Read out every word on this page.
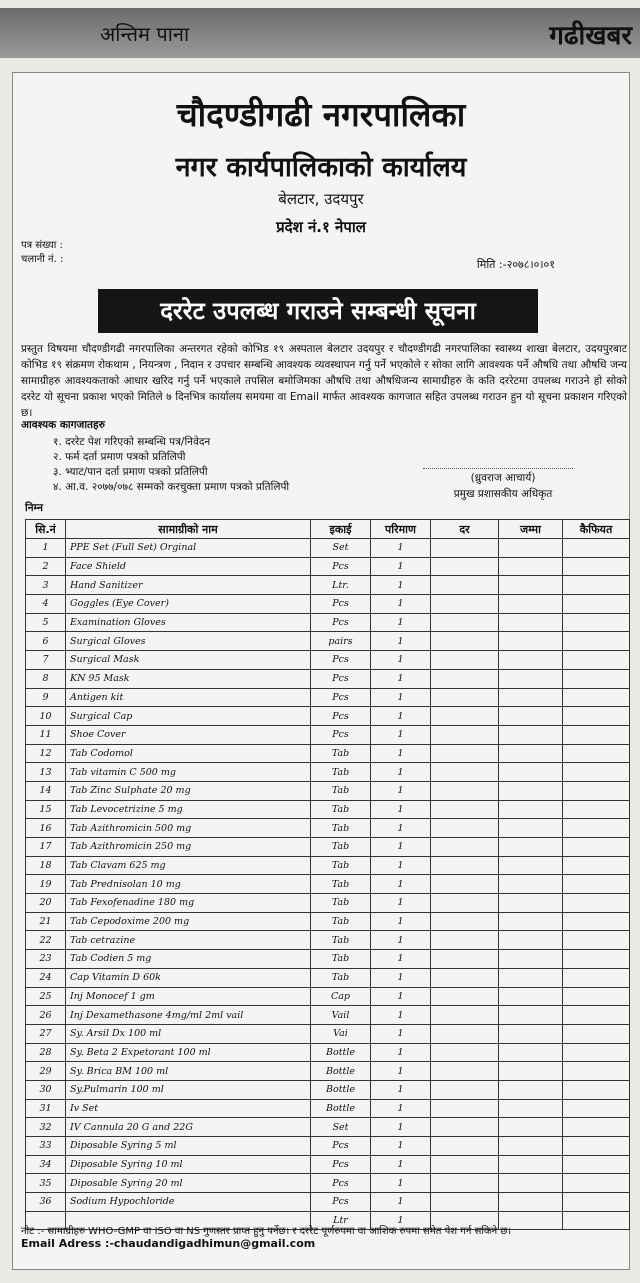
अन्तिम पाना	गढीखबर
चौदण्डीगढी नगरपालिका
नगर कार्यपालिकाको कार्यालय
बेलटार, उदयपुर
प्रदेश नं.१ नेपाल
पत्र संख्या :
चलानी नं. :	मिति :-२०७८।०।०१
दररेट उपलब्ध गराउने सम्बन्धी सूचना
प्रस्तुत विषयमा चौदण्डीगढी नगरपालिका अन्तरगत रहेको कोभिड १९ अस्पताल बेलटार उदयपुर र चौदण्डीगढी नगरपालिका स्वास्थ्य शाखा बेलटार, उदयपुरबाट कोभिड १९ संक्रमण रोकथाम , नियन्त्रण , निदान र उपचार सम्बन्धि आवश्यक व्यवस्थापन गर्नु पर्ने भएकोले र सोका लागि आवश्यक पर्ने औषधि तथा औषधि जन्य सामाग्रीहरु आवश्यकताको आधार खरिद गर्नु पर्ने भएकाले तपसिल बमोजिमका औषधि तथा औषधिजन्य सामाग्रीहरु के कति दररेटमा उपलब्ध गराउने हो सोको दररेट यो सूचना प्रकाश भएको मितिले ७ दिनभित्र कार्यालय समयमा वा Email मार्फत आवश्यक कागजात सहित उपलब्ध गराउन हुन यो सूचना प्रकाशन गरिएको छ।
आवश्यक कागजातहरु
१. दररेट पेश गरिएको सम्बन्धि पत्र/निवेदन
२. फर्म दर्ता प्रमाण पत्रको प्रतिलिपी
३. भ्याट/पान दर्ता प्रमाण पत्रको प्रतिलिपी
४. आ.व. २०७७/०७८ सम्मको करचुक्ता प्रमाण पत्रको प्रतिलिपी
(ध्रुवराज आचार्य)
प्रमुख प्रशासकीय अधिकृत
निम्न
सि.नं	सामाग्रीको नाम	इकाई	परिमाण	दर	जम्मा	कैफियत
1	PPE Set (Full Set) Orginal	Set	1			
2	Face Shield	Pcs	1			
3	Hand Sanitizer	Ltr.	1			
4	Goggles (Eye Cover)	Pcs	1			
5	Examination Gloves	Pcs	1			
6	Surgical Gloves	pairs	1			
7	Surgical Mask	Pcs	1			
8	KN 95 Mask	Pcs	1			
9	Antigen kit	Pcs	1			
10	Surgical Cap	Pcs	1			
11	Shoe Cover	Pcs	1			
12	Tab Codomol	Tab	1			
13	Tab vitamin C 500 mg	Tab	1			
14	Tab Zinc Sulphate 20 mg	Tab	1			
15	Tab Levocetrizine 5 mg	Tab	1			
16	Tab Azithromicin 500 mg	Tab	1			
17	Tab Azithromicin 250 mg	Tab	1			
18	Tab Clavam 625 mg	Tab	1			
19	Tab Prednisolan 10 mg	Tab	1			
20	Tab Fexofenadine 180 mg	Tab	1			
21	Tab Cepodoxime 200 mg	Tab	1			
22	Tab cetrazine	Tab	1			
23	Tab Codien 5 mg	Tab	1			
24	Cap Vitamin D 60k	Tab	1			
25	Inj Monocef 1 gm	Cap	1			
26	Inj Dexamethasone 4mg/ml 2ml vail	Vail	1			
27	Sy. Arsil Dx 100 ml	Vai	1			
28	Sy. Beta 2 Expetorant 100 ml	Bottle	1			
29	Sy. Brica BM 100 ml	Bottle	1			
30	Sy.Pulmarin 100 ml	Bottle	1			
31	Iv Set	Bottle	1			
32	IV Cannula 20 G and 22G	Set	1			
33	Diposable Syring 5 ml	Pcs	1			
34	Diposable Syring 10 ml	Pcs	1			
35	Diposable Syring 20 ml	Pcs	1			
36	Sodium Hypochloride	Pcs	1			
		Ltr	1			
नोट :- सामाग्रीहरु WHO-GMP वा ISO वा NS गुणस्तर प्राप्त हुनु पर्नेछ। र दररेट पूर्णरुपमा वा आशिक रुपमा समेत पेश गर्न सकिने छ।
Email Adress :-chaudandigadhimun@gmail.com
